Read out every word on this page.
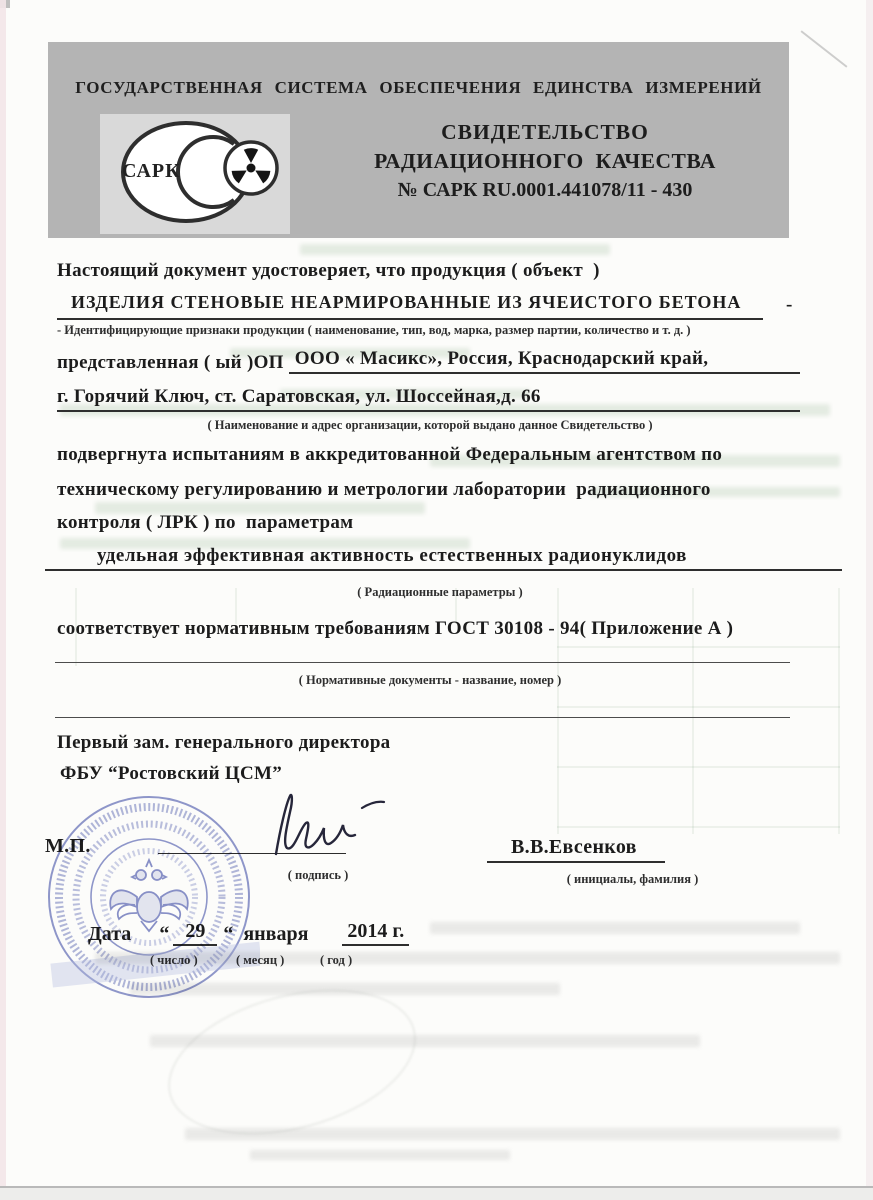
ГОСУДАРСТВЕННАЯ СИСТЕМА ОБЕСПЕЧЕНИЯ ЕДИНСТВА ИЗМЕРЕНИЙ
САРК
СВИДЕТЕЛЬСТВО
РАДИАЦИОННОГО  КАЧЕСТВА
№ САРК RU.0001.441078/11 - 430
Настоящий документ удостоверяет, что продукция ( объект  )
ИЗДЕЛИЯ СТЕНОВЫЕ НЕАРМИРОВАННЫЕ ИЗ ЯЧЕИСТОГО БЕТОНА	-
- Идентифицирующие признаки продукции ( наименование, тип, вод, марка, размер партии, количество и т. д. )
представленная ( ый )ОП ООО « Масикс», Россия, Краснодарский край,
г. Горячий Ключ, ст. Саратовская, ул. Шоссейная,д. 66
( Наименование и адрес организации, которой выдано данное Свидетельство )
подвергнута испытаниям в аккредитованной Федеральным агентством по
техническому регулированию и метрологии лаборатории  радиационного
контроля ( ЛРК ) по  параметрам
удельная эффективная активность естественных радионуклидов
( Радиационные параметры )
соответствует нормативным требованиям ГОСТ 30108 - 94( Приложение А )
( Нормативные документы - название, номер )
Первый зам. генерального директора
ФБУ “Ростовский ЦСМ”
М.П.
( подпись )
В.В.Евсенков
( инициалы, фамилия )
Дата “ 29 “ января 2014 г.
( число )	( месяц )	( год )
